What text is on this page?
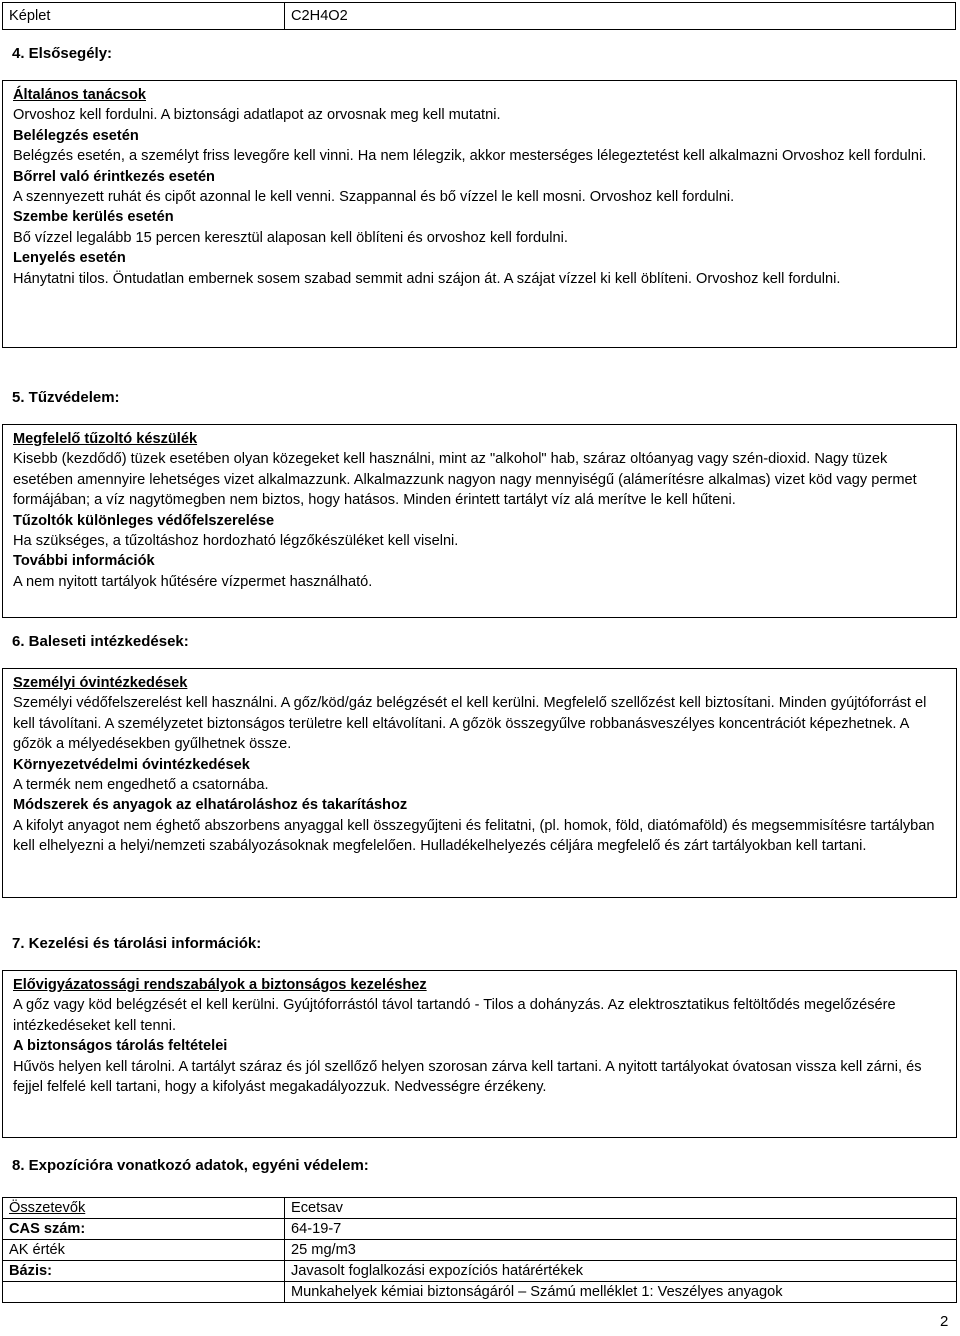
Képlet	C2H4O2
4. Elsősegély:

Általános tanácsok

Orvoshoz kell fordulni. A biztonsági adatlapot az orvosnak meg kell mutatni.

Belélegzés esetén

Belégzés esetén, a személyt friss levegőre kell vinni. Ha nem lélegzik, akkor mesterséges lélegeztetést kell alkalmazni Orvoshoz kell fordulni.

Bőrrel való érintkezés esetén

A szennyezett ruhát és cipőt azonnal le kell venni. Szappannal és bő vízzel le kell mosni. Orvoshoz kell fordulni.

Szembe kerülés esetén

Bő vízzel legalább 15 percen keresztül alaposan kell öblíteni és orvoshoz kell fordulni.

Lenyelés esetén

Hánytatni tilos. Öntudatlan embernek sosem szabad semmit adni szájon át. A szájat vízzel ki kell öblíteni. Orvoshoz kell fordulni.

5. Tűzvédelem:

Megfelelő tűzoltó készülék

Kisebb (kezdődő) tüzek esetében olyan közegeket kell használni, mint az "alkohol" hab, száraz oltóanyag vagy szén-dioxid. Nagy tüzek esetében amennyire lehetséges vizet alkalmazzunk. Alkalmazzunk nagyon nagy mennyiségű (alámerítésre alkalmas) vizet köd vagy permet formájában; a víz nagytömegben nem biztos, hogy hatásos. Minden érintett tartályt víz alá merítve le kell hűteni.

Tűzoltók különleges védőfelszerelése

Ha szükséges, a tűzoltáshoz hordozható légzőkészüléket kell viselni.

További információk

A nem nyitott tartályok hűtésére vízpermet használható.

6. Baleseti intézkedések:

Személyi óvintézkedések

Személyi védőfelszerelést kell használni. A gőz/köd/gáz belégzését el kell kerülni. Megfelelő szellőzést kell biztosítani. Minden gyújtóforrást el kell távolítani. A személyzetet biztonságos területre kell eltávolítani. A gőzök összegyűlve robbanásveszélyes koncentrációt képezhetnek. A gőzök a mélyedésekben gyűlhetnek össze.

Környezetvédelmi óvintézkedések

A termék nem engedhető a csatornába.

Módszerek és anyagok az elhatároláshoz és takarításhoz

A kifolyt anyagot nem éghető abszorbens anyaggal kell összegyűjteni és felitatni, (pl. homok, föld, diatómaföld) és megsemmisítésre tartályban kell elhelyezni a helyi/nemzeti szabályozásoknak megfelelően. Hulladékelhelyezés céljára megfelelő és zárt tartályokban kell tartani.

7. Kezelési és tárolási információk:

Elővigyázatossági rendszabályok a biztonságos kezeléshez

A gőz vagy köd belégzését el kell kerülni. Gyújtóforrástól távol tartandó - Tilos a dohányzás. Az elektrosztatikus feltöltődés megelőzésére intézkedéseket kell tenni.

A biztonságos tárolás feltételei

Hűvös helyen kell tárolni. A tartályt száraz és jól szellőző helyen szorosan zárva kell tartani. A nyitott tartályokat óvatosan vissza kell zárni, és fejjel felfelé kell tartani, hogy a kifolyást megakadályozzuk. Nedvességre érzékeny.

8. Expozícióra vonatkozó adatok, egyéni védelem:
Összetevők	Ecetsav
CAS szám:	64-19-7
AK érték	25 mg/m3
Bázis:	Javasolt foglalkozási expozíciós határértékek
	Munkahelyek kémiai biztonságáról – Számú melléklet 1: Veszélyes anyagok
2
